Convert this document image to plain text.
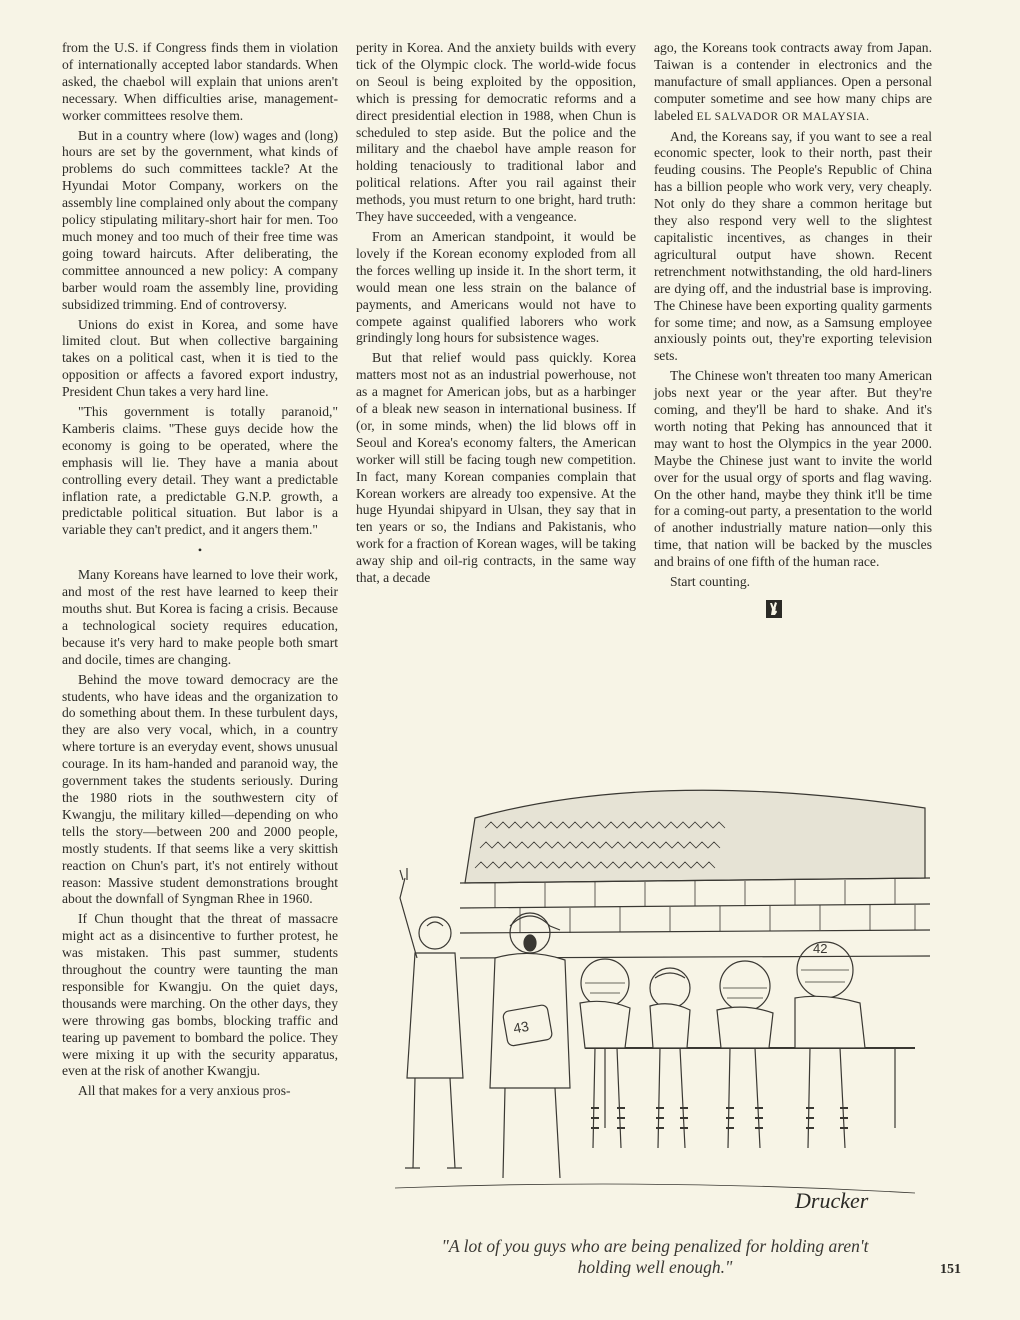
from the U.S. if Congress finds them in violation of internationally accepted labor standards. When asked, the chaebol will explain that unions aren't necessary. When difficulties arise, management-worker committees resolve them.

But in a country where (low) wages and (long) hours are set by the government, what kinds of problems do such committees tackle? At the Hyundai Motor Company, workers on the assembly line complained only about the company policy stipulating military-short hair for men. Too much money and too much of their free time was going toward haircuts. After deliberating, the committee announced a new policy: A company barber would roam the assembly line, providing subsidized trimming. End of controversy.

Unions do exist in Korea, and some have limited clout. But when collective bargaining takes on a political cast, when it is tied to the opposition or affects a favored export industry, President Chun takes a very hard line.

"This government is totally paranoid," Kamberis claims. "These guys decide how the economy is going to be operated, where the emphasis will lie. They have a mania about controlling every detail. They want a predictable inflation rate, a predictable G.N.P. growth, a predictable political situation. But labor is a variable they can't predict, and it angers them."

•

Many Koreans have learned to love their work, and most of the rest have learned to keep their mouths shut. But Korea is facing a crisis. Because a technological society requires education, because it's very hard to make people both smart and docile, times are changing.

Behind the move toward democracy are the students, who have ideas and the organization to do something about them. In these turbulent days, they are also very vocal, which, in a country where torture is an everyday event, shows unusual courage. In its ham-handed and paranoid way, the government takes the students seriously. During the 1980 riots in the southwestern city of Kwangju, the military killed—depending on who tells the story—between 200 and 2000 people, mostly students. If that seems like a very skittish reaction on Chun's part, it's not entirely without reason: Massive student demonstrations brought about the downfall of Syngman Rhee in 1960.

If Chun thought that the threat of massacre might act as a disincentive to further protest, he was mistaken. This past summer, students throughout the country were taunting the man responsible for Kwangju. On the quiet days, thousands were marching. On the other days, they were throwing gas bombs, blocking traffic and tearing up pavement to bombard the police. They were mixing it up with the security apparatus, even at the risk of another Kwangju.

All that makes for a very anxious pros-

perity in Korea. And the anxiety builds with every tick of the Olympic clock. The world-wide focus on Seoul is being exploited by the opposition, which is pressing for democratic reforms and a direct presidential election in 1988, when Chun is scheduled to step aside. But the police and the military and the chaebol have ample reason for holding tenaciously to traditional labor and political relations. After you rail against their methods, you must return to one bright, hard truth: They have succeeded, with a vengeance.

From an American standpoint, it would be lovely if the Korean economy exploded from all the forces welling up inside it. In the short term, it would mean one less strain on the balance of payments, and Americans would not have to compete against qualified laborers who work grindingly long hours for subsistence wages.

But that relief would pass quickly. Korea matters most not as an industrial powerhouse, not as a magnet for American jobs, but as a harbinger of a bleak new season in international business. If (or, in some minds, when) the lid blows off in Seoul and Korea's economy falters, the American worker will still be facing tough new competition. In fact, many Korean companies complain that Korean workers are already too expensive. At the huge Hyundai shipyard in Ulsan, they say that in ten years or so, the Indians and Pakistanis, who work for a fraction of Korean wages, will be taking away ship and oil-rig contracts, in the same way that, a decade

ago, the Koreans took contracts away from Japan. Taiwan is a contender in electronics and the manufacture of small appliances. Open a personal computer sometime and see how many chips are labeled EL SALVADOR OR MALAYSIA.

And, the Koreans say, if you want to see a real economic specter, look to their north, past their feuding cousins. The People's Republic of China has a billion people who work very, very cheaply. Not only do they share a common heritage but they also respond very well to the slightest capitalistic incentives, as changes in their agricultural output have shown. Recent retrenchment notwithstanding, the old hard-liners are dying off, and the industrial base is improving. The Chinese have been exporting quality garments for some time; and now, as a Samsung employee anxiously points out, they're exporting television sets.

The Chinese won't threaten too many American jobs next year or the year after. But they're coming, and they'll be hard to shake. And it's worth noting that Peking has announced that it may want to host the Olympics in the year 2000. Maybe the Chinese just want to invite the world over for the usual orgy of sports and flag waving. On the other hand, maybe they think it'll be time for a coming-out party, a presentation to the world of another industrially mature nation—only this time, that nation will be backed by the muscles and brains of one fifth of the human race.

Start counting.

43
42
Drucker
"A lot of you guys who are being penalized for holding aren't holding well enough."	151
